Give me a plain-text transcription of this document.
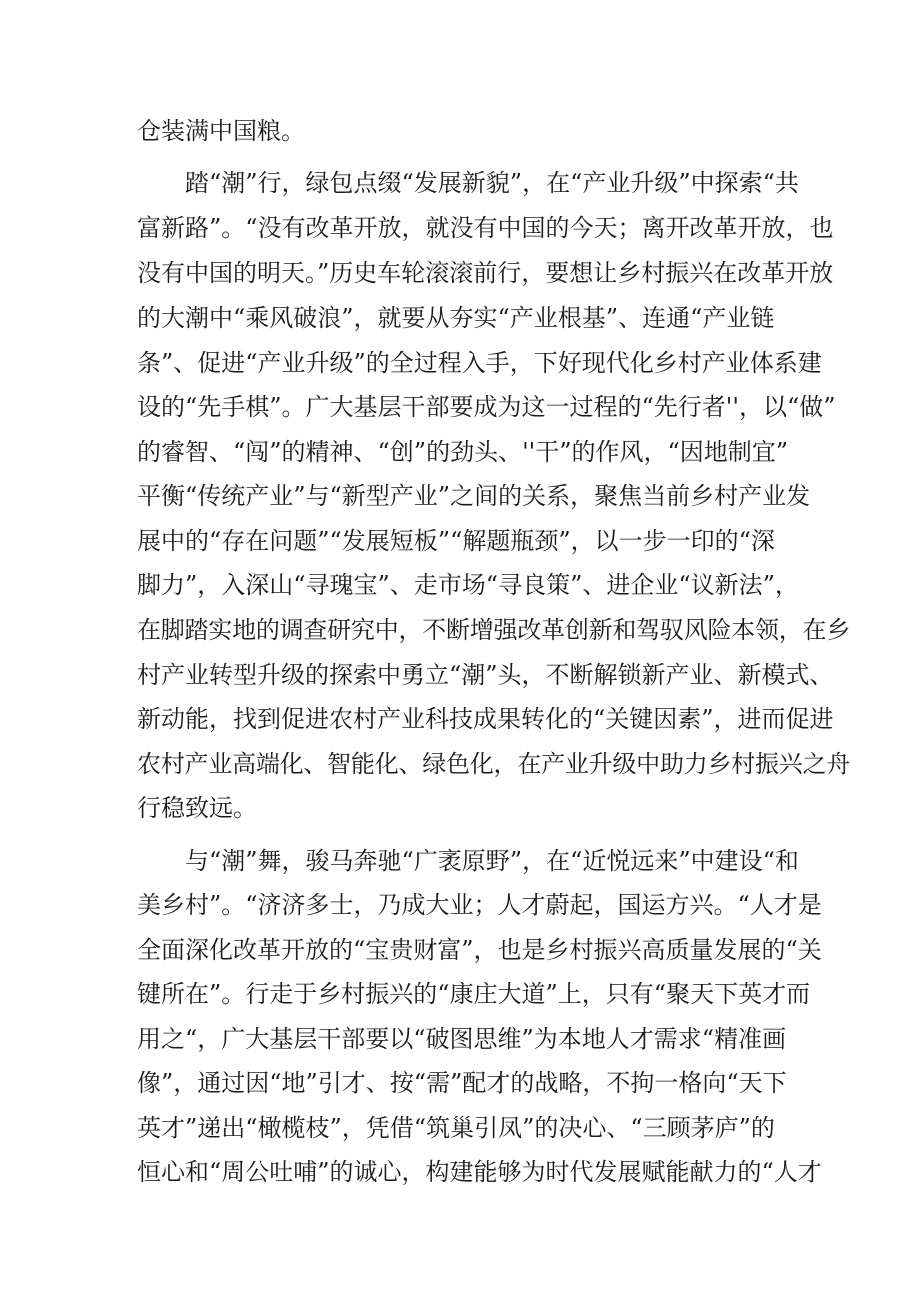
仓装满中国粮。
踏“潮”行，绿包点缀“发展新貌”，在“产业升级”中探索“共
富新路”。“没有改革开放，就没有中国的今天；离开改革开放，也
没有中国的明天。”历史车轮滚滚前行，要想让乡村振兴在改革开放
的大潮中“乘风破浪”，就要从夯实“产业根基”、连通“产业链
条”、促进“产业升级”的全过程入手，下好现代化乡村产业体系建
设的“先手棋”。广大基层干部要成为这一过程的“先行者''，以“做”
的睿智、“闯”的精神、“创”的劲头、''干”的作风，“因地制宜”
平衡“传统产业”与“新型产业”之间的关系，聚焦当前乡村产业发
展中的“存在问题”“发展短板”“解题瓶颈”，以一步一印的“深
脚力”，入深山“寻瑰宝”、走市场“寻良策”、进企业“议新法”，
在脚踏实地的调查研究中，不断增强改革创新和驾驭风险本领，在乡
村产业转型升级的探索中勇立“潮”头，不断解锁新产业、新模式、
新动能，找到促进农村产业科技成果转化的“关键因素”，进而促进
农村产业高端化、智能化、绿色化，在产业升级中助力乡村振兴之舟
行稳致远。
与“潮”舞，骏马奔驰“广袤原野”，在“近悦远来”中建设“和
美乡村”。“济济多士，乃成大业；人才蔚起，国运方兴。“人才是
全面深化改革开放的“宝贵财富”，也是乡村振兴高质量发展的“关
键所在”。行走于乡村振兴的“康庄大道”上，只有“聚天下英才而
用之“，广大基层干部要以“破图思维”为本地人才需求“精准画
像”，通过因“地”引才、按“需”配才的战略，不拘一格向“天下
英才”递出“橄榄枝”，凭借“筑巢引凤”的决心、“三顾茅庐”的
恒心和“周公吐哺”的诚心，构建能够为时代发展赋能献力的“人才
